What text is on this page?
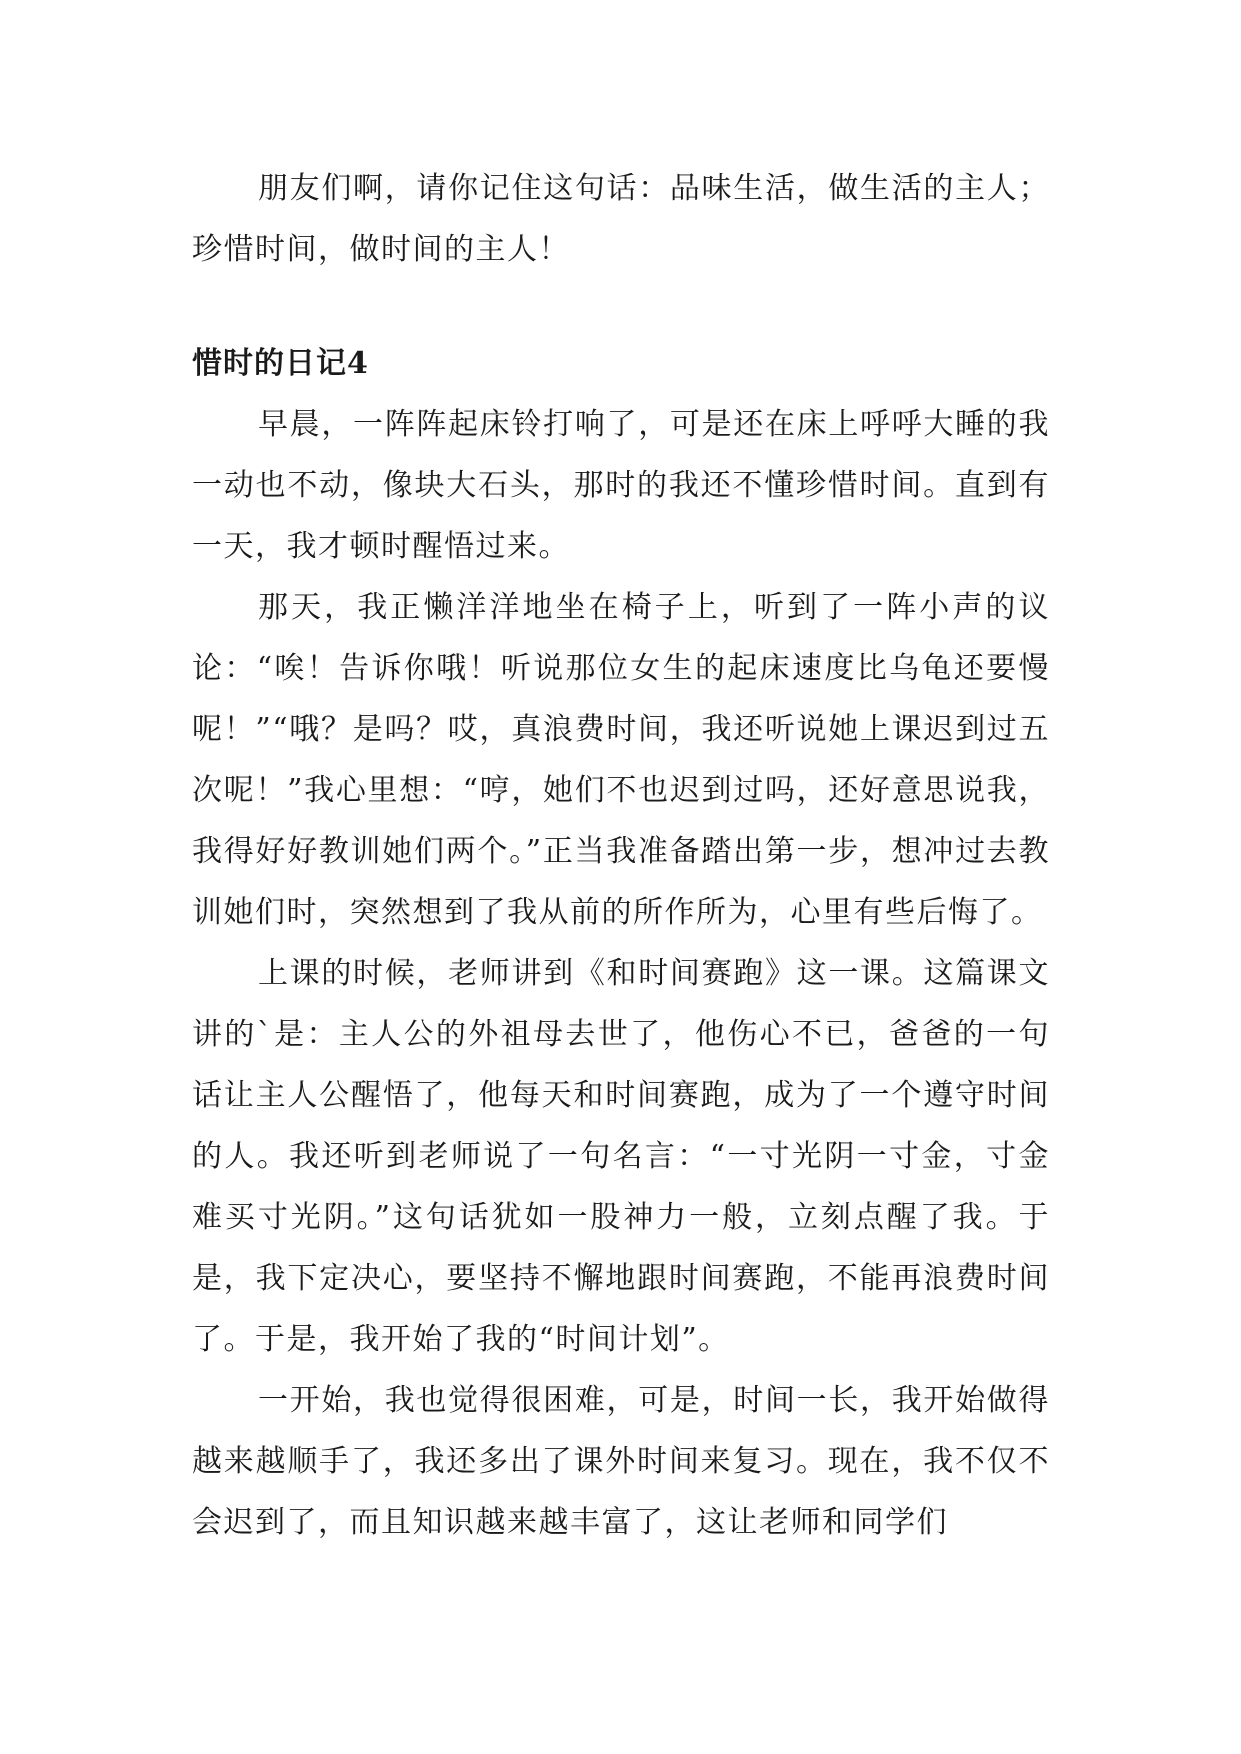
朋友们啊，请你记住这句话：品味生活，做生活的主人；珍惜时间，做时间的主人！

惜时的日记4

早晨，一阵阵起床铃打响了，可是还在床上呼呼大睡的我一动也不动，像块大石头，那时的我还不懂珍惜时间。直到有一天，我才顿时醒悟过来。

那天，我正懒洋洋地坐在椅子上，听到了一阵小声的议论：“唉！告诉你哦！听说那位女生的起床速度比乌龟还要慢呢！”“哦？是吗？哎，真浪费时间，我还听说她上课迟到过五次呢！”我心里想：“哼，她们不也迟到过吗，还好意思说我，我得好好教训她们两个。”正当我准备踏出第一步，想冲过去教训她们时，突然想到了我从前的所作所为，心里有些后悔了。

上课的时候，老师讲到《和时间赛跑》这一课。这篇课文讲的`是：主人公的外祖母去世了，他伤心不已，爸爸的一句话让主人公醒悟了，他每天和时间赛跑，成为了一个遵守时间的人。我还听到老师说了一句名言：“一寸光阴一寸金，寸金难买寸光阴。”这句话犹如一股神力一般，立刻点醒了我。于是，我下定决心，要坚持不懈地跟时间赛跑，不能再浪费时间了。于是，我开始了我的“时间计划”。

一开始，我也觉得很困难，可是，时间一长，我开始做得越来越顺手了，我还多出了课外时间来复习。现在，我不仅不会迟到了，而且知识越来越丰富了，这让老师和同学们
